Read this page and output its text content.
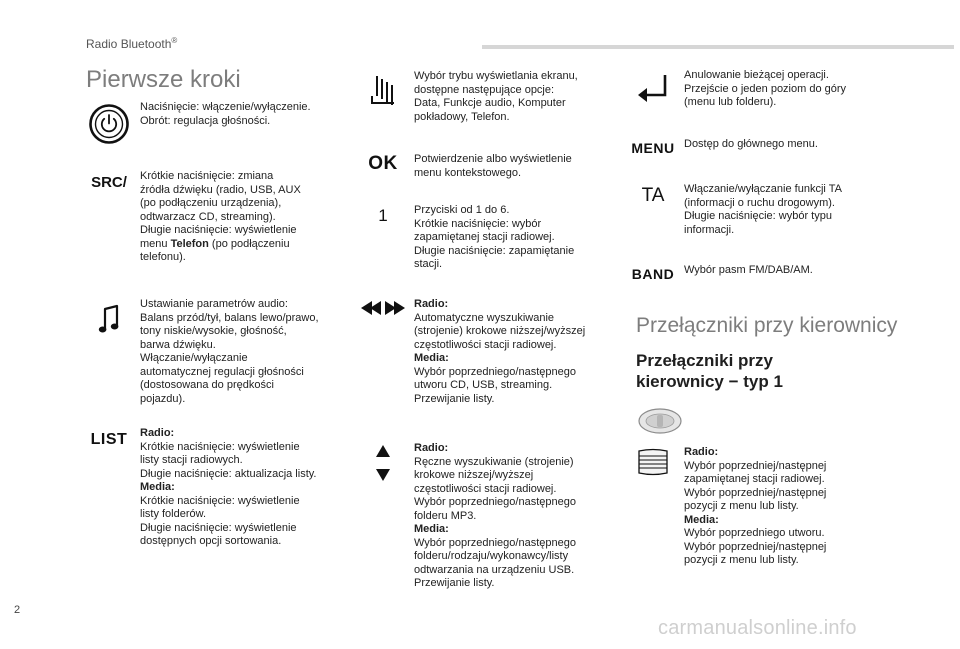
Radio Bluetooth®
Pierwsze kroki
Naciśnięcie: włączenie/wyłączenie.
Obrót: regulacja głośności.
SRC/ Krótkie naciśnięcie: zmiana
źródła dźwięku (radio, USB, AUX
(po podłączeniu urządzenia),
odtwarzacz CD, streaming).
Długie naciśnięcie: wyświetlenie
menu Telefon (po podłączeniu
telefonu).
Ustawianie parametrów audio:
Balans przód/tył, balans lewo/prawo,
tony niskie/wysokie, głośność,
barwa dźwięku.
Włączanie/wyłączanie
automatycznej regulacji głośności
(dostosowana do prędkości
pojazdu).
LIST Radio:
Krótkie naciśnięcie: wyświetlenie
listy stacji radiowych.
Długie naciśnięcie: aktualizacja listy.
Media:
Krótkie naciśnięcie: wyświetlenie
listy folderów.
Długie naciśnięcie: wyświetlenie
dostępnych opcji sortowania.
Wybór trybu wyświetlania ekranu,
dostępne następujące opcje:
Data, Funkcje audio, Komputer
pokładowy, Telefon.
OK Potwierdzenie albo wyświetlenie
menu kontekstowego.
1 Przyciski od 1 do 6.
Krótkie naciśnięcie: wybór
zapamiętanej stacji radiowej.
Długie naciśnięcie: zapamiętanie
stacji.
Radio:
Automatyczne wyszukiwanie
(strojenie) krokowe niższej/wyższej
częstotliwości stacji radiowej.
Media:
Wybór poprzedniego/następnego
utworu CD, USB, streaming.
Przewijanie listy.
Radio:
Ręczne wyszukiwanie (strojenie)
krokowe niższej/wyższej
częstotliwości stacji radiowej.
Wybór poprzedniego/następnego
folderu MP3.
Media:
Wybór poprzedniego/następnego
folderu/rodzaju/wykonawcy/listy
odtwarzania na urządzeniu USB.
Przewijanie listy.
Anulowanie bieżącej operacji.
Przejście o jeden poziom do góry
(menu lub folderu).
MENU Dostęp do głównego menu.
TA Włączanie/wyłączanie funkcji TA
(informacji o ruchu drogowym).
Długie naciśnięcie: wybór typu
informacji.
BAND Wybór pasm FM/DAB/AM.
Przełączniki przy kierownicy
Przełączniki przy
kierownicy − typ 1
Radio:
Wybór poprzedniej/następnej
zapamiętanej stacji radiowej.
Wybór poprzedniej/następnej
pozycji z menu lub listy.
Media:
Wybór poprzedniego utworu.
Wybór poprzedniej/następnej
pozycji z menu lub listy.
2
carmanualsonline.info
